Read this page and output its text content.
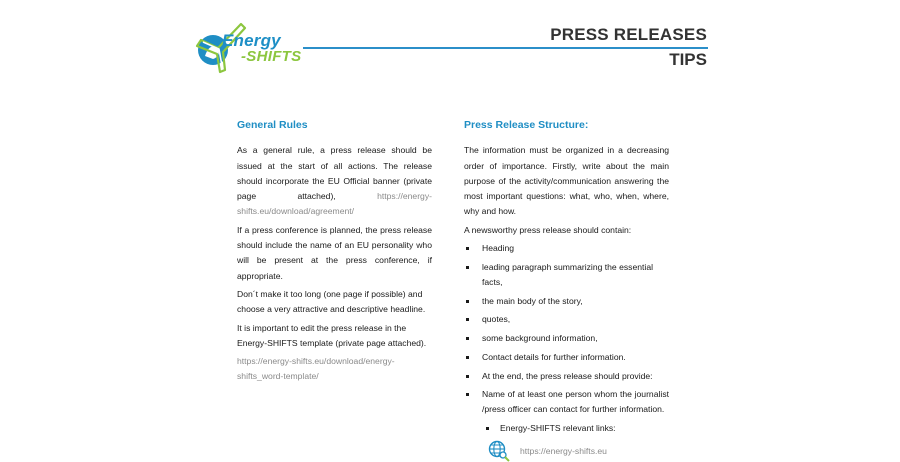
Energy
-SHIFTS
PRESS RELEASES
TIPS
General Rules

As a general rule, a press release should be issued at the start of all actions. The release should incorporate the EU Official banner (private page attached), https://energy-shifts.eu/download/agreement/

If a press conference is planned, the press release should include the name of an EU personality who will be present at the press conference, if appropriate.

Don´t make it too long (one page if possible) and choose a very attractive and descriptive headline.

It is important to edit the press release in the Energy-SHIFTS template (private page attached).

https://energy-shifts.eu/download/energy-shifts_word-template/

Press Release Structure:

The information must be organized in a decreasing order of importance. Firstly, write about the main purpose of the activity/communication answering the most important questions: what, who, when, where, why and how.

A newsworthy press release should contain:

Heading
leading paragraph summarizing the essential facts,
the main body of the story,
quotes,
some background information,
Contact details for further information.
At the end, the press release should provide:
Name of at least one person whom the journalist /press officer can contact for further information.
Energy-SHIFTS relevant links:
https://energy-shifts.eu
